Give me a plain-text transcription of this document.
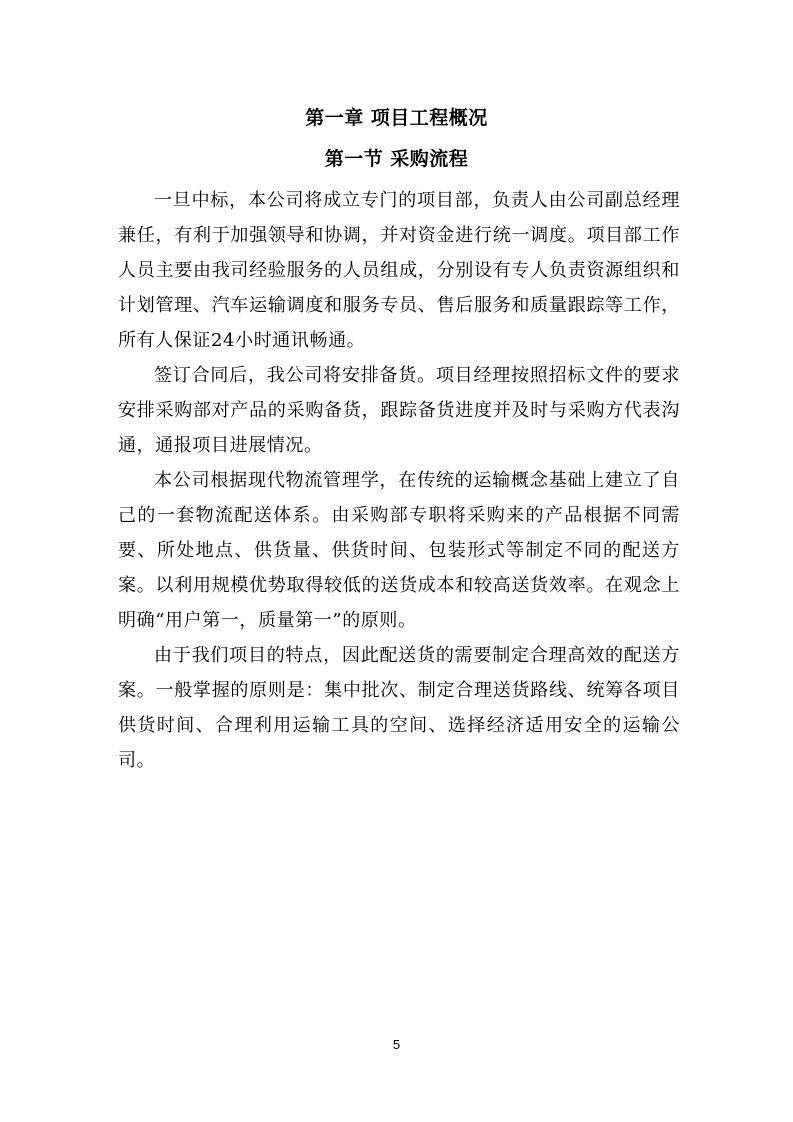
第一章 项目工程概况
第一节 采购流程

一旦中标，本公司将成立专门的项目部，负责人由公司副总经理兼任，有利于加强领导和协调，并对资金进行统一调度。项目部工作人员主要由我司经验服务的人员组成，分别设有专人负责资源组织和计划管理、汽车运输调度和服务专员、售后服务和质量跟踪等工作，所有人保证24小时通讯畅通。

签订合同后，我公司将安排备货。项目经理按照招标文件的要求安排采购部对产品的采购备货，跟踪备货进度并及时与采购方代表沟通，通报项目进展情况。

本公司根据现代物流管理学，在传统的运输概念基础上建立了自己的一套物流配送体系。由采购部专职将采购来的产品根据不同需要、所处地点、供货量、供货时间、包装形式等制定不同的配送方案。以利用规模优势取得较低的送货成本和较高送货效率。在观念上明确“用户第一，质量第一”的原则。

由于我们项目的特点，因此配送货的需要制定合理高效的配送方案。一般掌握的原则是：集中批次、制定合理送货路线、统筹各项目供货时间、合理利用运输工具的空间、选择经济适用安全的运输公司。

5
